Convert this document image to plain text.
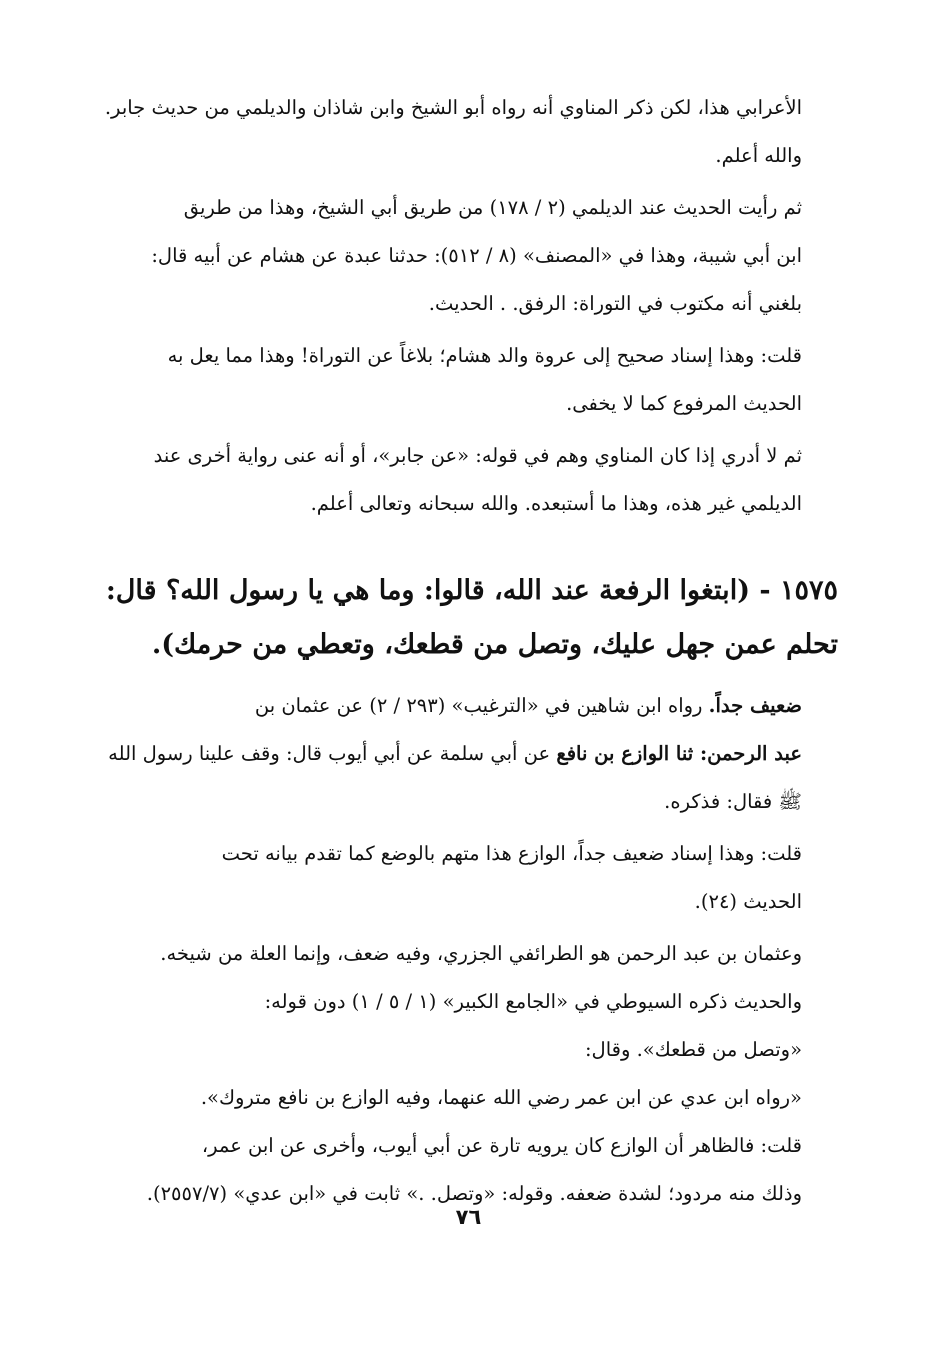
الأعرابي هذا، لكن ذكر المناوي أنه رواه أبو الشيخ وابن شاذان والديلمي من حديث جابر.
والله أعلم.

ثم رأيت الحديث عند الديلمي (٢ / ١٧٨) من طريق أبي الشيخ، وهذا من طريق
ابن أبي شيبة، وهذا في «المصنف» (٨ / ٥١٢): حدثنا عبدة عن هشام عن أبيه قال:
بلغني أنه مكتوب في التوراة: الرفق. . الحديث.

قلت: وهذا إسناد صحيح إلى عروة والد هشام؛ بلاغاً عن التوراة! وهذا مما يعل به
الحديث المرفوع كما لا يخفى.

ثم لا أدري إذا كان المناوي وهم في قوله: «عن جابر»، أو أنه عنى رواية أخرى عند
الديلمي غير هذه، وهذا ما أستبعده. والله سبحانه وتعالى أعلم.

١٥٧٥ - (ابتغوا الرفعة عند الله، قالوا: وما هي يا رسول الله؟ قال:
تحلم عمن جهل عليك، وتصل من قطعك، وتعطي من حرمك).

ضعيف جداً. رواه ابن شاهين في «الترغيب» (٢٩٣ / ٢) عن عثمان بن
عبد الرحمن: ثنا الوازع بن نافع عن أبي سلمة عن أبي أيوب قال: وقف علينا رسول الله
ﷺ فقال: فذكره.

قلت: وهذا إسناد ضعيف جداً، الوازع هذا متهم بالوضع كما تقدم بيانه تحت
الحديث (٢٤).

وعثمان بن عبد الرحمن هو الطرائفي الجزري، وفيه ضعف، وإنما العلة من شيخه.
والحديث ذكره السيوطي في «الجامع الكبير» (١ / ٥ / ١) دون قوله:
«وتصل من قطعك». وقال:
«رواه ابن عدي عن ابن عمر رضي الله عنهما، وفيه الوازع بن نافع متروك».

قلت: فالظاهر أن الوازع كان يرويه تارة عن أبي أيوب، وأخرى عن ابن عمر،
وذلك منه مردود؛ لشدة ضعفه. وقوله: «وتصل. .» ثابت في «ابن عدي» (٢٥٥٧/٧).

٧٦
